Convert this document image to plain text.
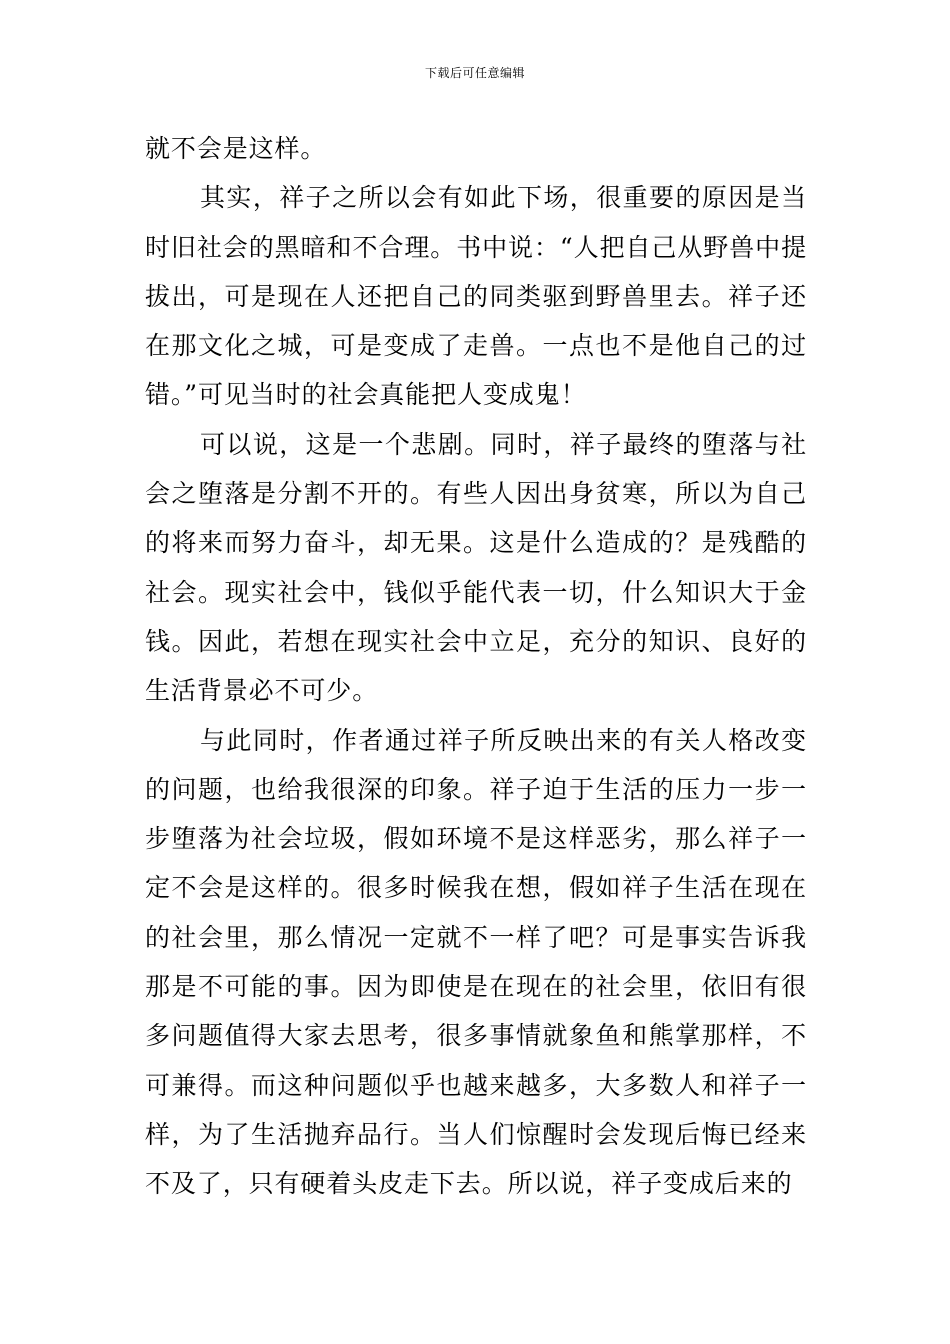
下载后可任意编辑

就不会是这样。

其实，祥子之所以会有如此下场，很重要的原因是当时旧社会的黑暗和不合理。书中说：“人把自己从野兽中提拔出，可是现在人还把自己的同类驱到野兽里去。祥子还在那文化之城，可是变成了走兽。一点也不是他自己的过错。”可见当时的社会真能把人变成鬼！

可以说，这是一个悲剧。同时，祥子最终的堕落与社会之堕落是分割不开的。有些人因出身贫寒，所以为自己的将来而努力奋斗，却无果。这是什么造成的？是残酷的社会。现实社会中，钱似乎能代表一切，什么知识大于金钱。因此，若想在现实社会中立足，充分的知识、良好的生活背景必不可少。

与此同时，作者通过祥子所反映出来的有关人格改变的问题，也给我很深的印象。祥子迫于生活的压力一步一步堕落为社会垃圾，假如环境不是这样恶劣，那么祥子一定不会是这样的。很多时候我在想，假如祥子生活在现在的社会里，那么情况一定就不一样了吧？可是事实告诉我那是不可能的事。因为即使是在现在的社会里，依旧有很多问题值得大家去思考，很多事情就象鱼和熊掌那样，不可兼得。而这种问题似乎也越来越多，大多数人和祥子一样，为了生活抛弃品行。当人们惊醒时会发现后悔已经来不及了，只有硬着头皮走下去。所以说，祥子变成后来的
